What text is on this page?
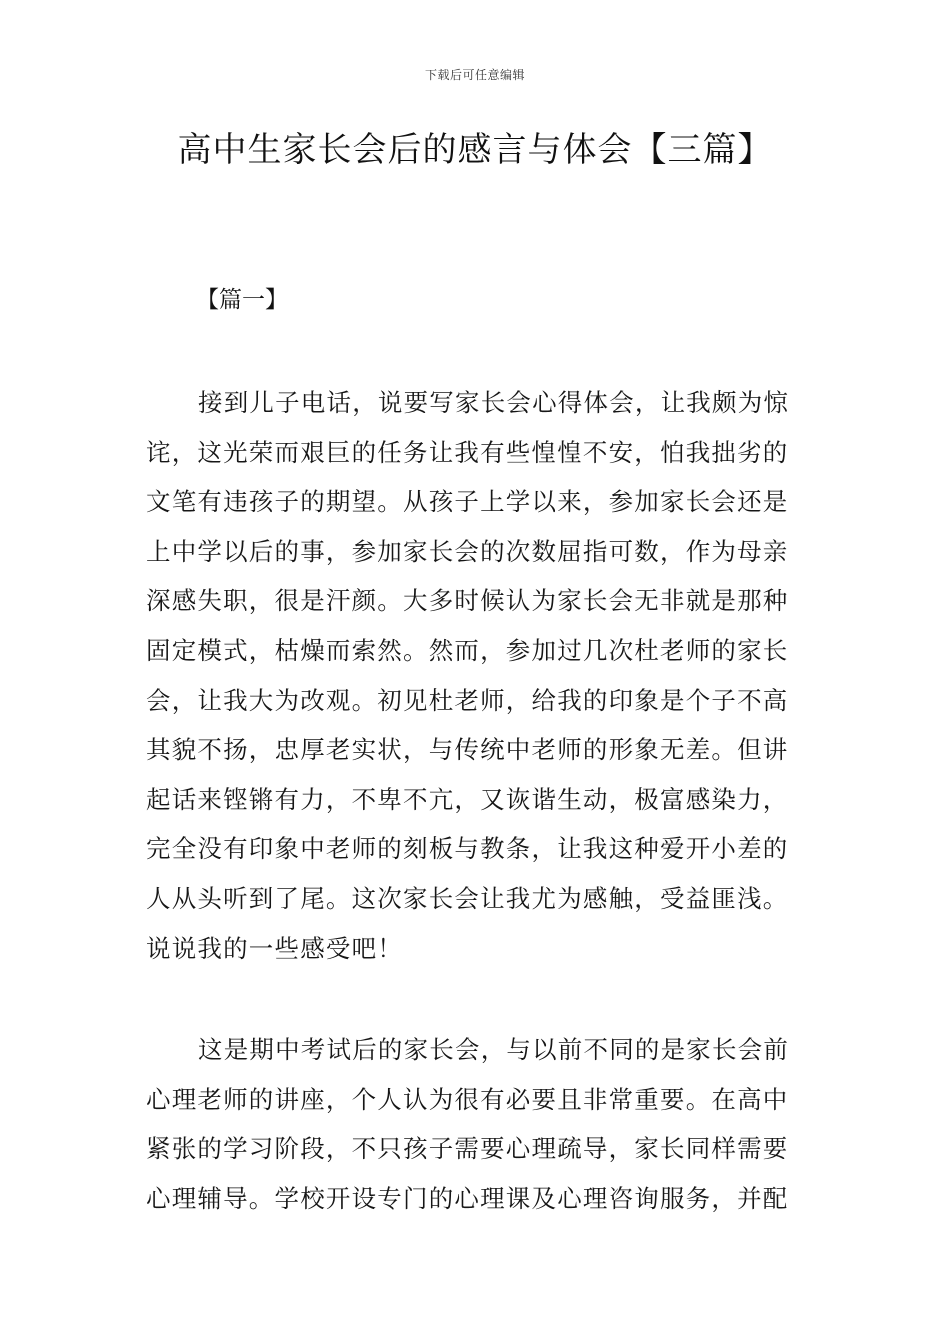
下载后可任意编辑
高中生家长会后的感言与体会【三篇】
【篇一】
接到儿子电话，说要写家长会心得体会，让我颇为惊
诧，这光荣而艰巨的任务让我有些惶惶不安，怕我拙劣的
文笔有违孩子的期望。从孩子上学以来，参加家长会还是
上中学以后的事，参加家长会的次数屈指可数，作为母亲
深感失职，很是汗颜。大多时候认为家长会无非就是那种
固定模式，枯燥而索然。然而，参加过几次杜老师的家长
会，让我大为改观。初见杜老师，给我的印象是个子不高
其貌不扬，忠厚老实状，与传统中老师的形象无差。但讲
起话来铿锵有力，不卑不亢，又诙谐生动，极富感染力，
完全没有印象中老师的刻板与教条，让我这种爱开小差的
人从头听到了尾。这次家长会让我尤为感触，受益匪浅。
说说我的一些感受吧！
这是期中考试后的家长会，与以前不同的是家长会前
心理老师的讲座，个人认为很有必要且非常重要。在高中
紧张的学习阶段，不只孩子需要心理疏导，家长同样需要
心理辅导。学校开设专门的心理课及心理咨询服务，并配
